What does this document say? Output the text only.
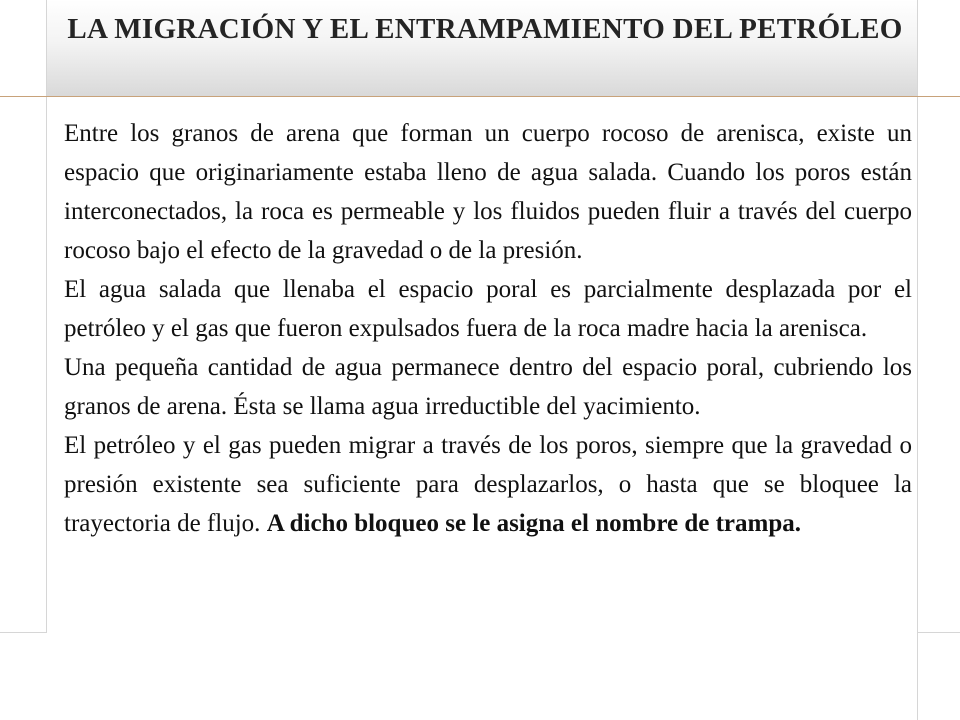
LA MIGRACIÓN Y EL ENTRAMPAMIENTO DEL PETRÓLEO

Entre los granos de arena que forman un cuerpo rocoso de arenisca, existe un espacio que originariamente estaba lleno de agua salada. Cuando los poros están interconectados, la roca es permeable y los fluidos pueden fluir a través del cuerpo rocoso bajo el efecto de la gravedad o de la presión.

El agua salada que llenaba el espacio poral es parcialmente desplazada por el petróleo y el gas que fueron expulsados fuera de la roca madre hacia la arenisca.

Una pequeña cantidad de agua permanece dentro del espacio poral, cubriendo los granos de arena. Ésta se llama agua irreductible del yacimiento.

El petróleo y el gas pueden migrar a través de los poros, siempre que la gravedad o presión existente sea suficiente para desplazarlos, o hasta que se bloquee la trayectoria de flujo. A dicho bloqueo se le asigna el nombre de trampa.
